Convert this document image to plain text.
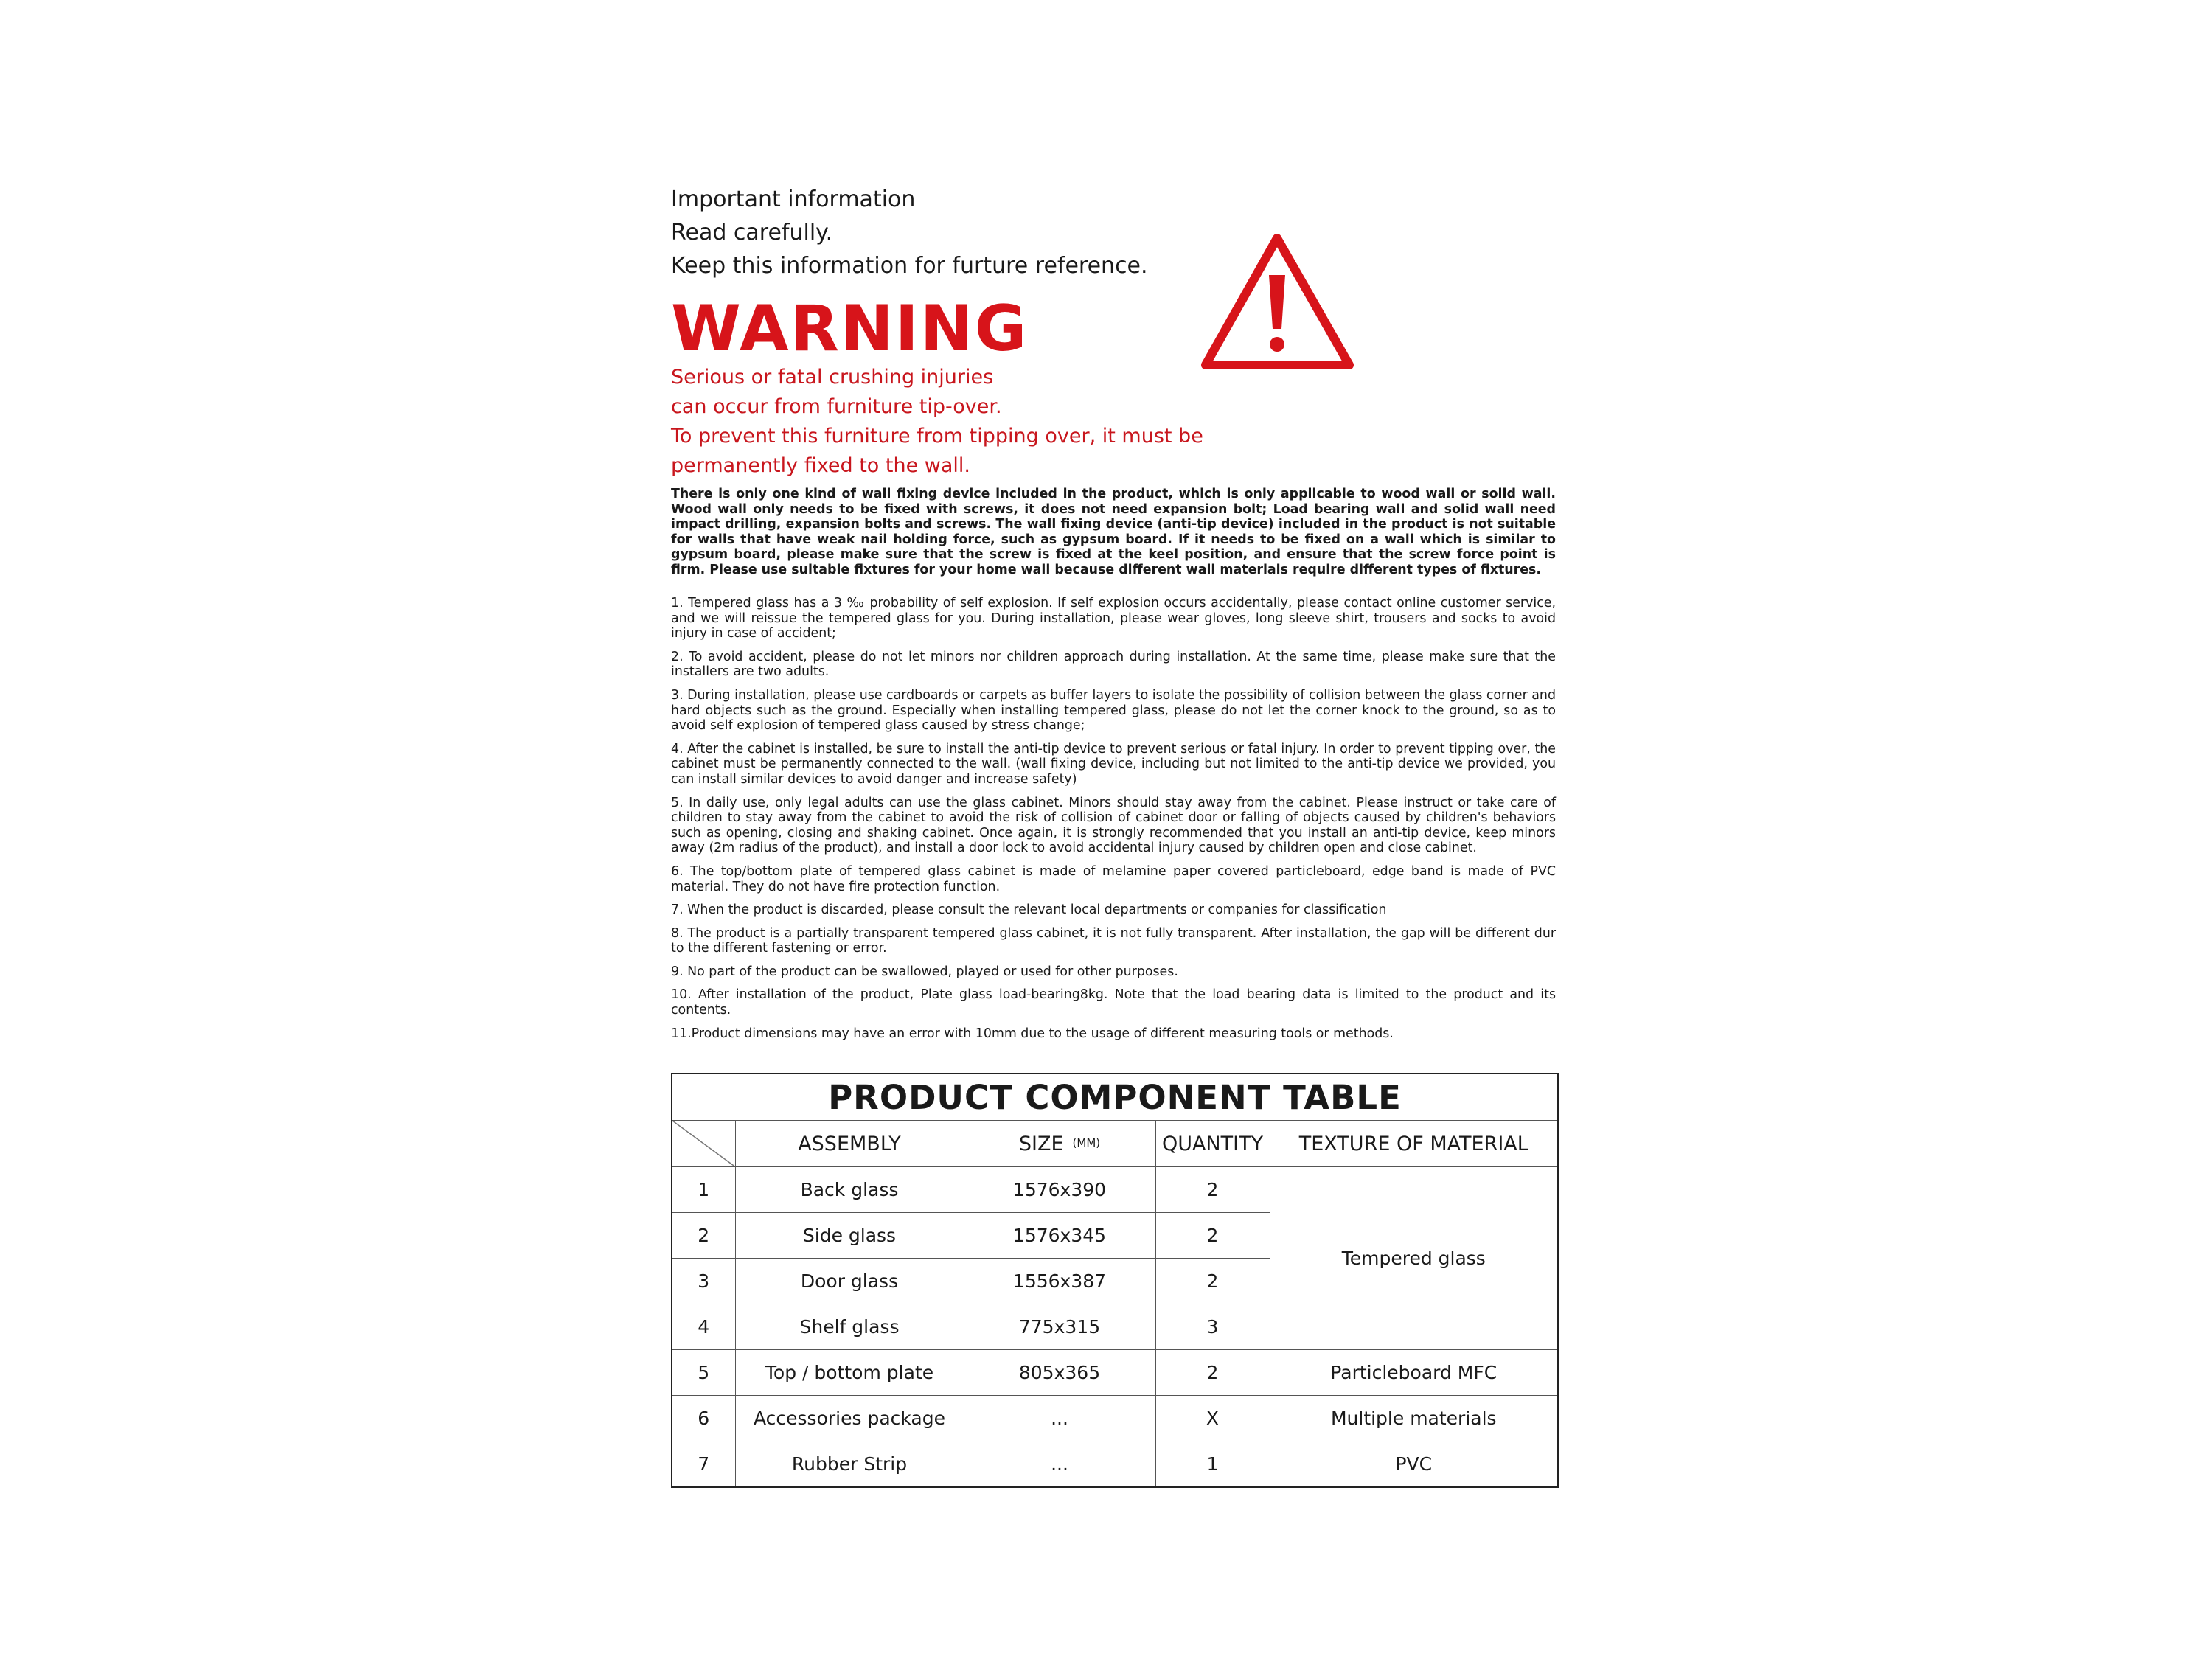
Important information

Read carefully.

Keep this information for furture reference.

WARNING

Serious or fatal crushing injuries

can occur from furniture tip-over.

To prevent this furniture from tipping over, it must be

permanently fixed to the wall.

There is only one kind of wall fixing device included in the product, which is only applicable to wood wall or solid wall. Wood wall only needs to be fixed with screws, it does not need expansion bolt; Load bearing wall and solid wall need impact drilling, expansion bolts and screws. The wall fixing device (anti-tip device) included in the product is not suitable for walls that have weak nail holding force, such as gypsum board. If it needs to be fixed on a wall which is similar to gypsum board, please make sure that the screw is fixed at the keel position, and ensure that the screw force point is firm. Please use suitable fixtures for your home wall because different wall materials require different types of fixtures.

1. Tempered glass has a 3 ‰ probability of self explosion. If self explosion occurs accidentally, please contact online customer service, and we will reissue the tempered glass for you. During installation, please wear gloves, long sleeve shirt, trousers and socks to avoid injury in case of accident;

2. To avoid accident, please do not let minors nor children approach during installation. At the same time, please make sure that the installers are two adults.

3. During installation, please use cardboards or carpets as buffer layers to isolate the possibility of collision between the glass corner and hard objects such as the ground. Especially when installing tempered glass, please do not let the corner knock to the ground, so as to avoid self explosion of tempered glass caused by stress change;

4. After the cabinet is installed, be sure to install the anti-tip device to prevent serious or fatal injury. In order to prevent tipping over, the cabinet must be permanently connected to the wall. (wall fixing device, including but not limited to the anti-tip device we provided, you can install similar devices to avoid danger and increase safety)

5. In daily use, only legal adults can use the glass cabinet. Minors should stay away from the cabinet. Please instruct or take care of children to stay away from the cabinet to avoid the risk of collision of cabinet door or falling of objects caused by children's behaviors such as opening, closing and shaking cabinet. Once again, it is strongly recommended that you install an anti-tip device, keep minors away (2m radius of the product), and install a door lock to avoid accidental injury caused by children open and close cabinet.

6. The top/bottom plate of tempered glass cabinet is made of melamine paper covered particleboard, edge band is made of PVC material. They do not have fire protection function.

7. When the product is discarded, please consult the relevant local departments or companies for classification

8. The product is a partially transparent tempered glass cabinet, it is not fully transparent. After installation, the gap will be different dur to the different fastening or error.

9. No part of the product can be swallowed, played or used for other purposes.

10. After installation of the product, Plate glass load-bearing8kg. Note that the load bearing data is limited to the product and its contents.

11.Product dimensions may have an error with 10mm due to the usage of different measuring tools or methods.

PRODUCT COMPONENT TABLE				

	ASSEMBLY	SIZE (MM)	QUANTITY	TEXTURE OF MATERIAL
1	Back glass	1576x390	2	Tempered glass
2	Side glass	1576x345	2	
3	Door glass	1556x387	2	
4	Shelf glass	775x315	3	
5	Top / bottom plate	805x365	2	Particleboard MFC
6	Accessories package	...	X	Multiple materials
7	Rubber Strip	...	1	PVC
